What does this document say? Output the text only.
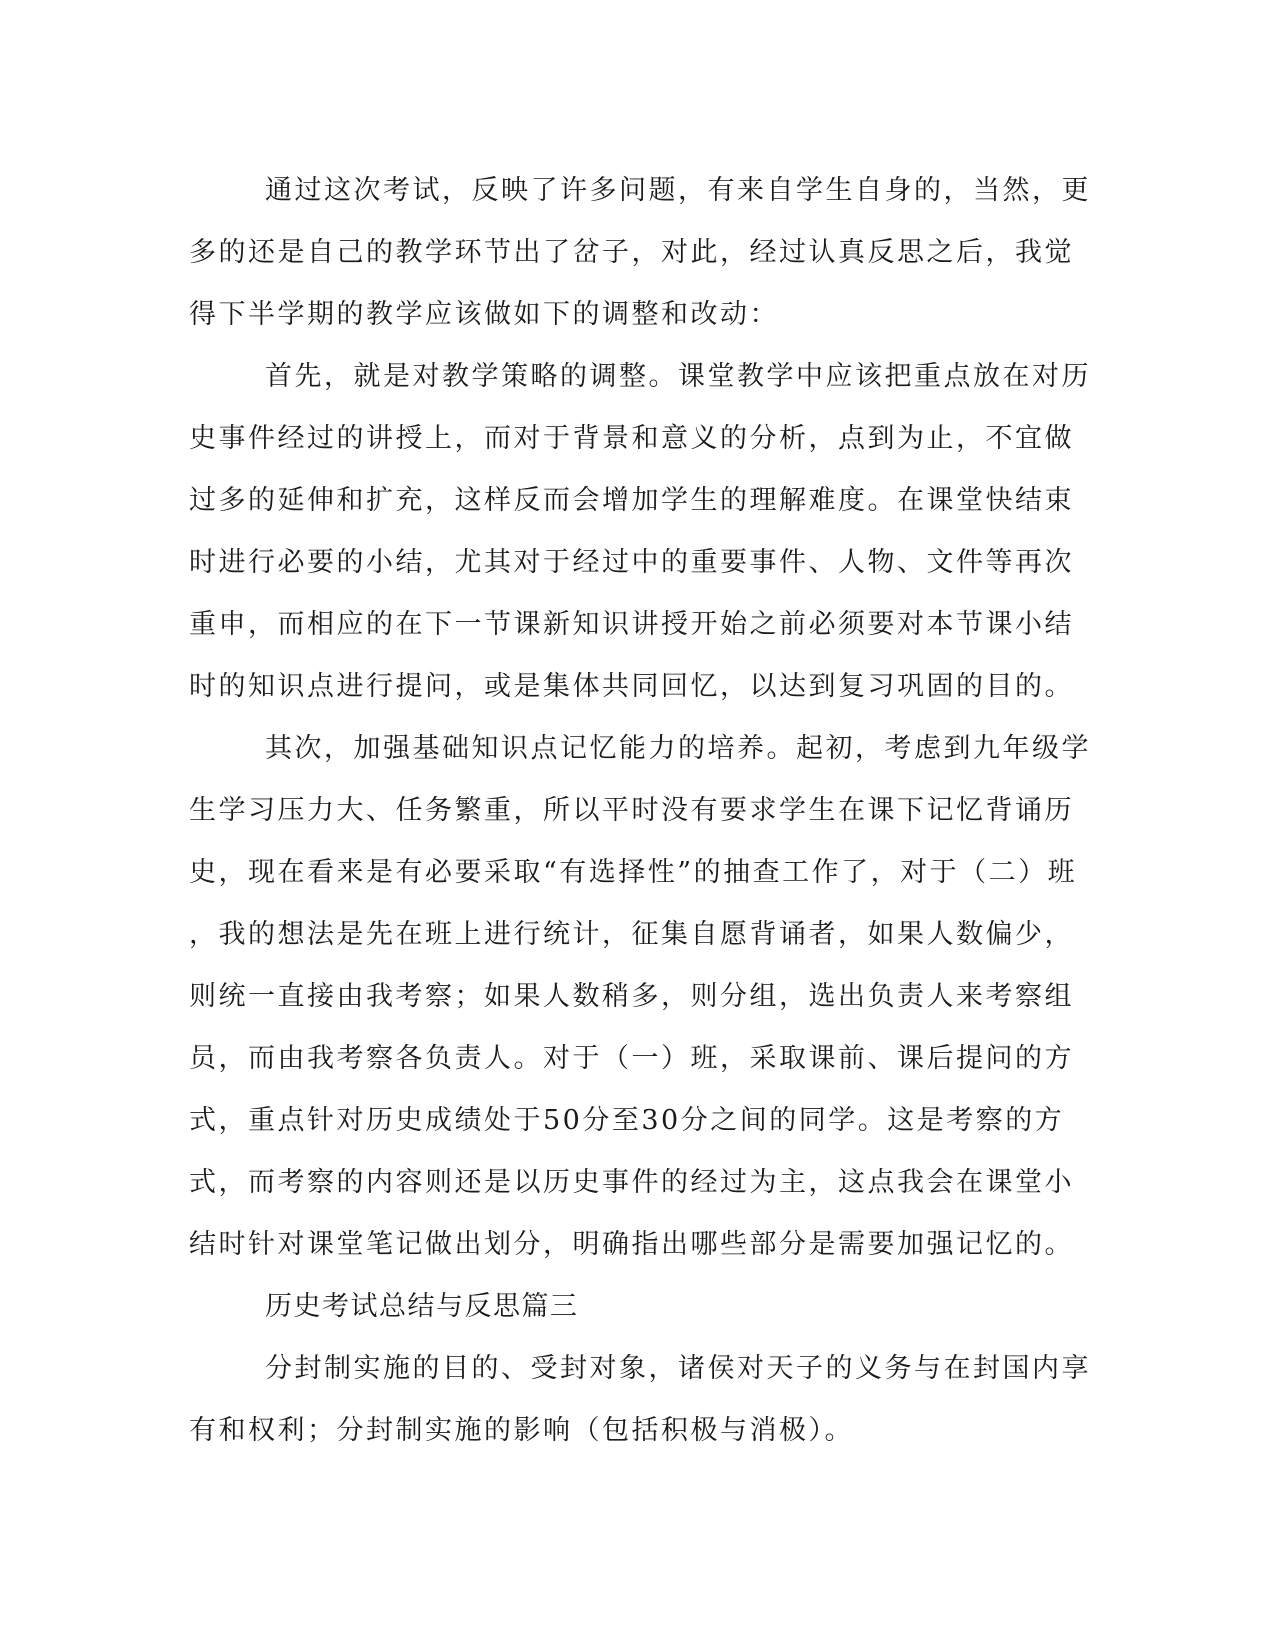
通过这次考试，反映了许多问题，有来自学生自身的，当然，更
多的还是自己的教学环节出了岔子，对此，经过认真反思之后，我觉
得下半学期的教学应该做如下的调整和改动：
首先，就是对教学策略的调整。课堂教学中应该把重点放在对历
史事件经过的讲授上，而对于背景和意义的分析，点到为止，不宜做
过多的延伸和扩充，这样反而会增加学生的理解难度。在课堂快结束
时进行必要的小结，尤其对于经过中的重要事件、人物、文件等再次
重申，而相应的在下一节课新知识讲授开始之前必须要对本节课小结
时的知识点进行提问，或是集体共同回忆，以达到复习巩固的目的。
其次，加强基础知识点记忆能力的培养。起初，考虑到九年级学
生学习压力大、任务繁重，所以平时没有要求学生在课下记忆背诵历
史，现在看来是有必要采取“有选择性”的抽查工作了，对于（二）班
，我的想法是先在班上进行统计，征集自愿背诵者，如果人数偏少，
则统一直接由我考察；如果人数稍多，则分组，选出负责人来考察组
员，而由我考察各负责人。对于（一）班，采取课前、课后提问的方
式，重点针对历史成绩处于50分至30分之间的同学。这是考察的方
式，而考察的内容则还是以历史事件的经过为主，这点我会在课堂小
结时针对课堂笔记做出划分，明确指出哪些部分是需要加强记忆的。
历史考试总结与反思篇三
分封制实施的目的、受封对象，诸侯对天子的义务与在封国内享
有和权利；分封制实施的影响（包括积极与消极）。
